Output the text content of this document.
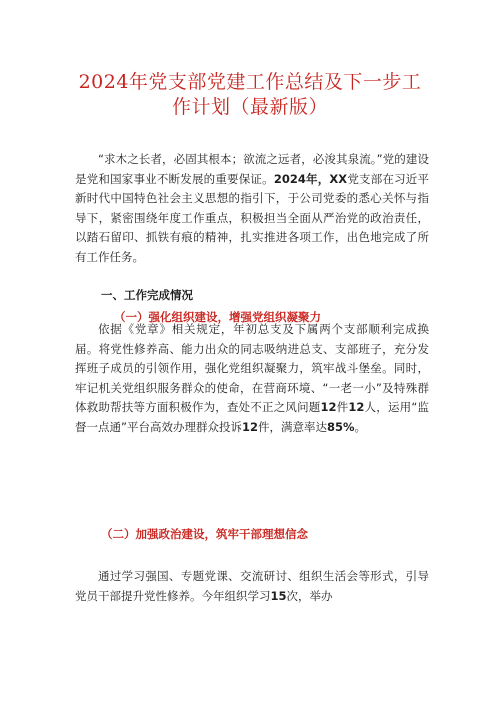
2024年党支部党建工作总结及下一步工
作计划（最新版）

“求木之长者，必固其根本；欲流之远者，必浚其泉流。”党的建设是党和国家事业不断发展的重要保证。2024年，XX党支部在习近平新时代中国特色社会主义思想的指引下，于公司党委的悉心关怀与指导下，紧密围绕年度工作重点，积极担当全面从严治党的政治责任，以踏石留印、抓铁有痕的精神，扎实推进各项工作，出色地完成了所有工作任务。

一、工作完成情况
（一）强化组织建设，增强党组织凝聚力

依据《党章》相关规定，年初总支及下属两个支部顺利完成换届。将党性修养高、能力出众的同志吸纳进总支、支部班子，充分发挥班子成员的引领作用，强化党组织凝聚力，筑牢战斗堡垒。同时，牢记机关党组织服务群众的使命，在营商环境、“一老一小”及特殊群体救助帮扶等方面积极作为，查处不正之风问题12件12人，运用“监督一点通”平台高效办理群众投诉12件，满意率达85%。

（二）加强政治建设，筑牢干部理想信念

通过学习强国、专题党课、交流研讨、组织生活会等形式，引导党员干部提升党性修养。今年组织学习15次，举办
